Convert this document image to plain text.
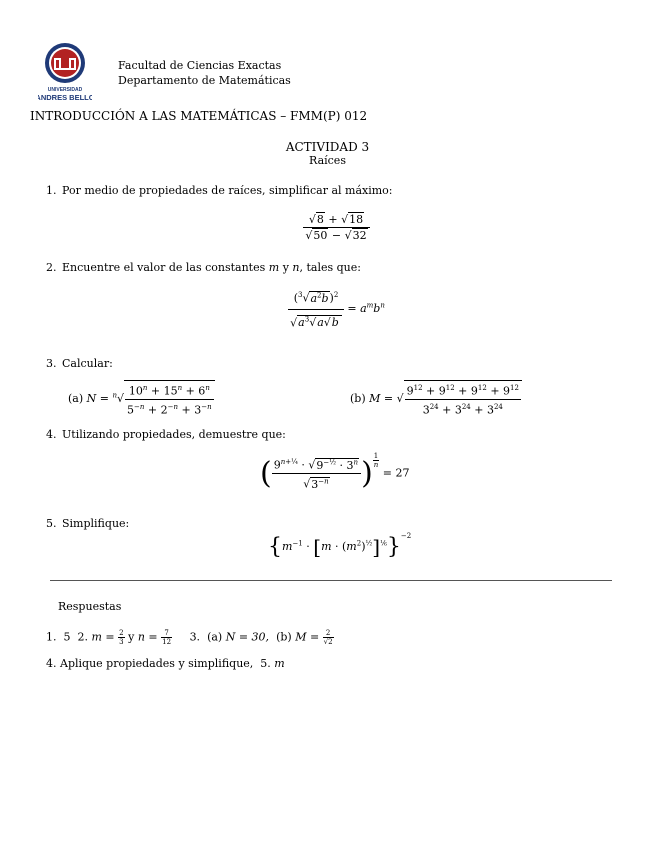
UNIVERSIDAD
ANDRES BELLO
Facultad de Ciencias Exactas
Departamento de Matemáticas
INTRODUCCIÓN A LAS MATEMÁTICAS – FMM(P) 012
ACTIVIDAD 3
Raíces
1. Por medio de propiedades de raíces, simplificar al máximo:
$\frac{√8 + √18}{√50 - √32}$
2. Encuentre el valor de las constantes m y n, tales que:
$\frac{(^3√a^2b)^2}{√a^3√a√b} = a^mb^n$
3. Calcular:
(a) $N = ^n√ \frac{10^n + 15^n + 6^n}{5^{-n} + 2^{-n} + 3^{-n}}$	(b) M = √ $\frac{9^{12} + 9^{12} + 9^{12} + 9^{12}}{3^{24} + 3^{24} + 3^{24}}$
4. Utilizando propiedades, demuestre que:
( $\frac{9^{n+\frac{1}{4}} \cdot √9^{-\frac{1}{2}} \cdot 3^n}{√3^{-n}}$ ) $^{\frac{1}{n}}$
= 27
5. Simplifique:
$\{m^{-1} \cdot [m \cdot (m^2)^{\frac{1}{2}}]^{\frac{1}{6}}\}^{-2}$
Respuestas
1. 5 2. $m = \frac{2}{3}$ y $n = \frac{7}{12} 3$. (a) N = 30, (b) $M = \frac{2}{√2}$
4. Aplique propiedades y simplifique, 5. m
